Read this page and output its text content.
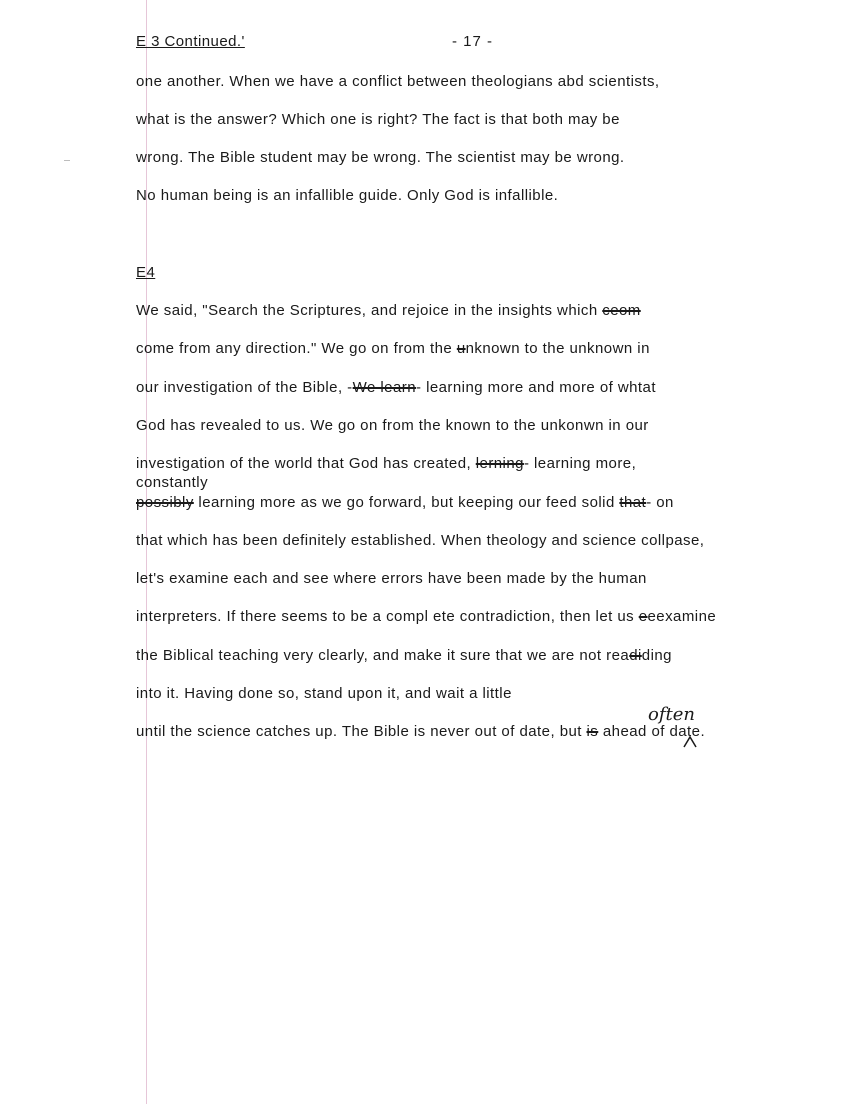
E 3 Continued.'	- 17 -
one another. When we have a conflict between theologians abd scientists,
what is the answer? Which one is right? The fact is that both may be
wrong. The Bible student may be wrong. The scientist may be wrong.
No human being is an infallible guide. Only God is infallible.
E4
We said, "Search the Scriptures, and rejoice in the insights which ceom
come from any direction." We go on from the unknown to the unknown in
our investigation of the Bible, -We learn- learning more and more of whtat
God has revealed to us. We go on from the known to the unkonwn in our
investigation of the world that God has created, lerning- learning more,
constantly
possibly learning more as we go forward, but keeping our feed solid that- on
that which has been definitely established. When theology and science collpase,
let's examine each and see where errors have been made by the human
interpreters. If there seems to be a compl ete contradiction, then let us eeexamine
the Biblical teaching very clearly, and make it sure that we are not readiding
into it. Having done so, stand upon it, and wait a little
until the science catches up. The Bible is never out of date, but is ahead of date.
often
